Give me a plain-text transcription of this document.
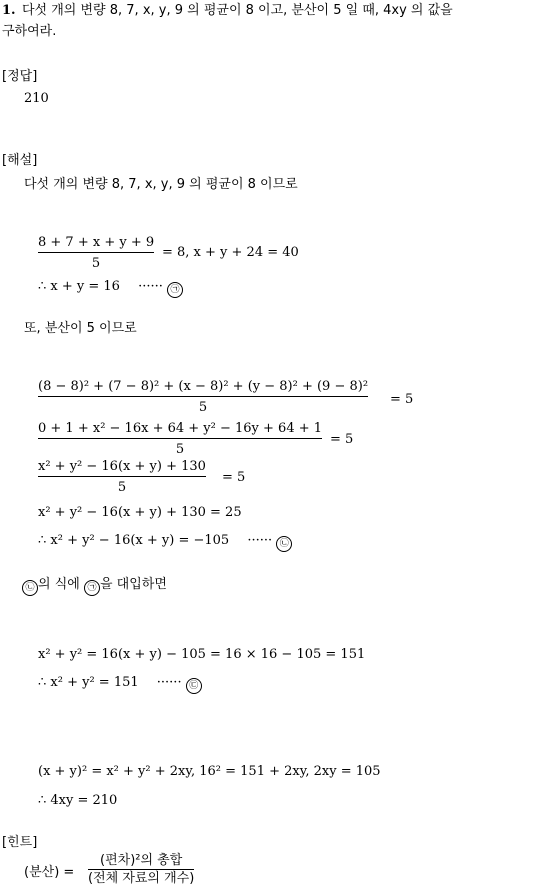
1. 다섯 개의 변량 8, 7, x, y, 9 의 평균이 8 이고, 분산이 5 일 때, 4xy 의 값을
구하여라.
[정답]
210
[해설]
다섯 개의 변량 8, 7, x, y, 9 의 평균이 8 이므로
8 + 7 + x + y + 9
5
= 8, x + y + 24 = 40
∴ x + y = 16 ······ ㉠
또, 분산이 5 이므로
(8 − 8)² + (7 − 8)² + (x − 8)² + (y − 8)² + (9 − 8)²
5
= 5
0 + 1 + x² − 16x + 64 + y² − 16y + 64 + 1
5
= 5
x² + y² − 16(x + y) + 130
5
= 5
x² + y² − 16(x + y) + 130 = 25
∴ x² + y² − 16(x + y) = −105 ······ ㉡
㉡ 의 식에 ㉠ 을 대입하면
x² + y² = 16(x + y) − 105 = 16 × 16 − 105 = 151
∴ x² + y² = 151 ······ ㉢
(x + y)² = x² + y² + 2xy, 16² = 151 + 2xy, 2xy = 105
∴ 4xy = 210
[힌트]
(분산) =
(편차)²의 총합
(전체 자료의 개수)
